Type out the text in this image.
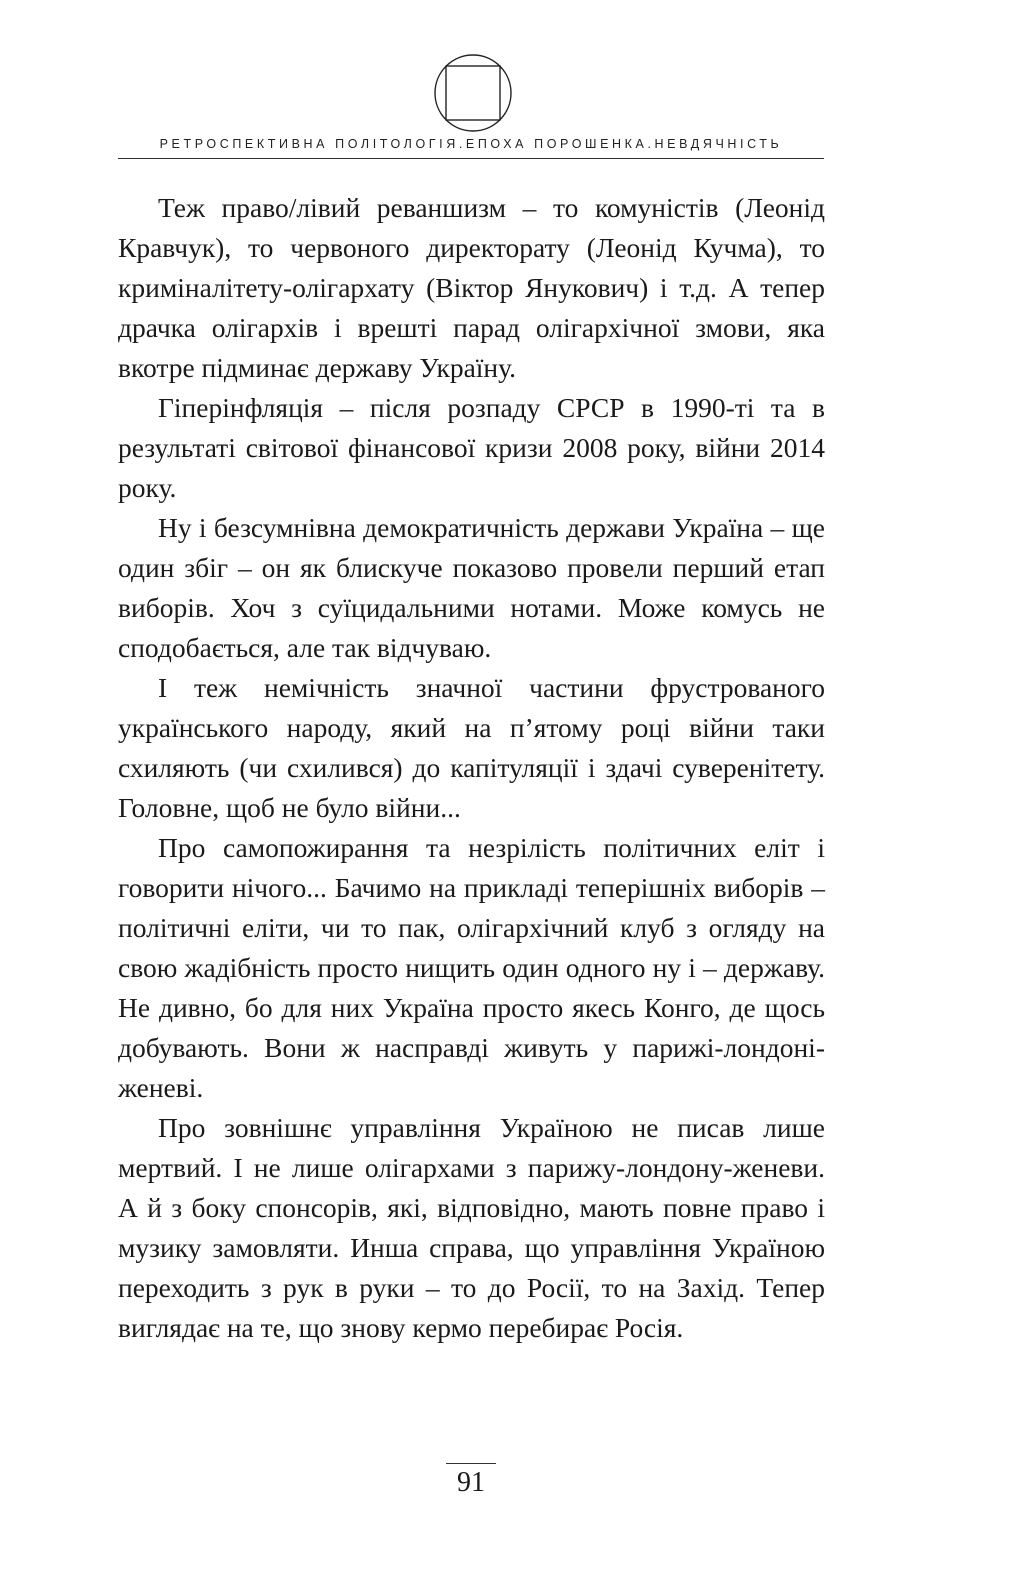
РЕТРОСПЕКТИВНА ПОЛІТОЛОГІЯ.ЕПОХА ПОРОШЕНКА.НЕВДЯЧНІСТЬ

Теж право/лівий реваншизм – то комуністів (Леонід Кравчук), то червоного директорату (Леонід Кучма), то криміналітету-олігархату (Віктор Янукович) і т.д. А тепер драчка олігархів і врешті парад олігархічної змови, яка вкотре підминає державу Україну.

Гіперінфляція – після розпаду СРСР в 1990-ті та в результаті світової фінансової кризи 2008 року, війни 2014 року.

Ну і безсумнівна демократичність держави Україна – ще один збіг – он як блискуче показово провели перший етап виборів. Хоч з суїцидальними нотами. Може комусь не сподобається, але так відчуваю.

І теж немічність значної частини фрустрованого українського народу, який на п’ятому році війни таки схиляють (чи схилився) до капітуляції і здачі суверенітету. Головне, щоб не було війни...

Про самопожирання та незрілість політичних еліт і говорити нічого... Бачимо на прикладі теперішніх виборів – політичні еліти, чи то пак, олігархічний клуб з огляду на свою жадібність просто нищить один одного ну і – державу. Не дивно, бо для них Україна просто якесь Конго, де щось добувають. Вони ж насправді живуть у парижі-лондоні-женеві.

Про зовнішнє управління Україною не писав лише мертвий. І не лише олігархами з парижу-лондону-женеви. А й з боку спонсорів, які, відповідно, мають повне право і музику замовляти. Инша справа, що управління Україною переходить з рук в руки – то до Росії, то на Захід. Тепер виглядає на те, що знову кермо перебирає Росія.

91
